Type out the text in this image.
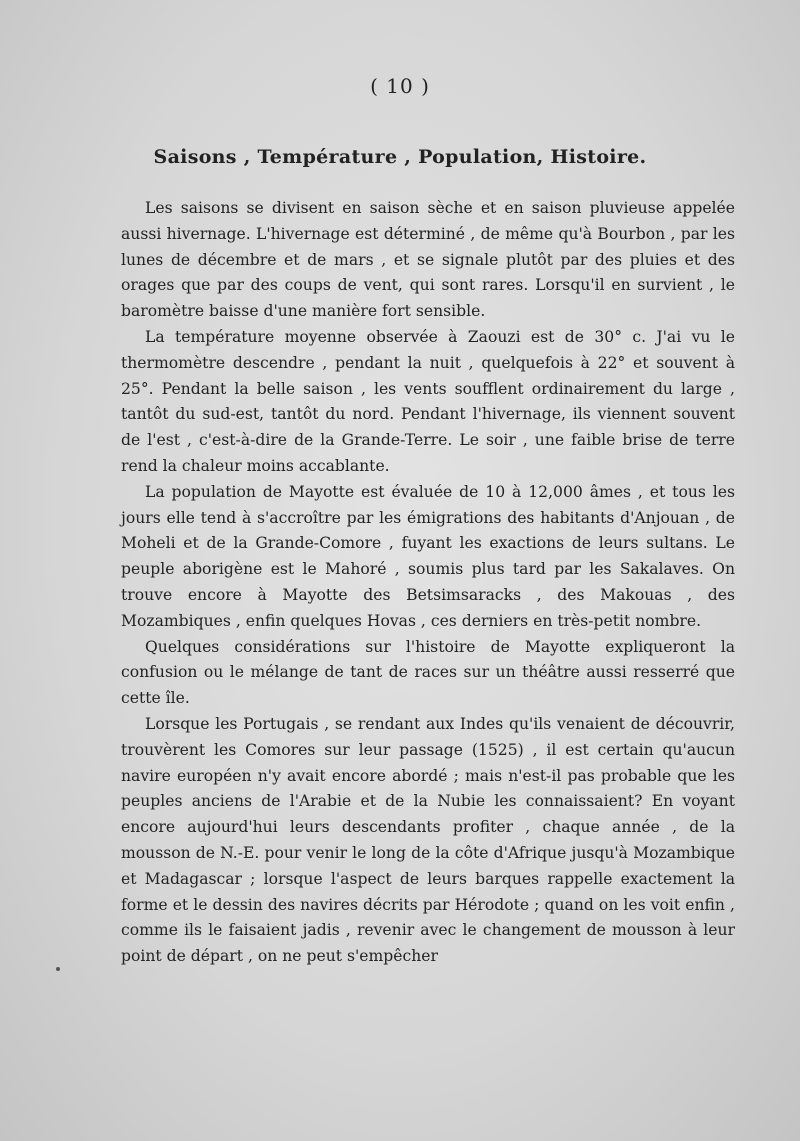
( 10 )
Saisons , Température , Population, Histoire.

Les saisons se divisent en saison sèche et en saison pluvieuse appelée aussi hivernage. L'hivernage est déterminé , de même qu'à Bourbon , par les lunes de décembre et de mars , et se signale plutôt par des pluies et des orages que par des coups de vent, qui sont rares. Lorsqu'il en survient , le baromètre baisse d'une manière fort sensible.

La température moyenne observée à Zaouzi est de 30° c. J'ai vu le thermomètre descendre , pendant la nuit , quelquefois à 22° et souvent à 25°. Pendant la belle saison , les vents soufflent ordinairement du large , tantôt du sud-est, tantôt du nord. Pendant l'hivernage, ils viennent souvent de l'est , c'est-à-dire de la Grande-Terre. Le soir , une faible brise de terre rend la chaleur moins accablante.

La population de Mayotte est évaluée de 10 à 12,000 âmes , et tous les jours elle tend à s'accroître par les émigrations des habitants d'Anjouan , de Moheli et de la Grande-Comore , fuyant les exactions de leurs sultans. Le peuple aborigène est le Mahoré , soumis plus tard par les Sakalaves. On trouve encore à Mayotte des Betsimsaracks , des Makouas , des Mozambiques , enfin quelques Hovas , ces derniers en très-petit nombre.

Quelques considérations sur l'histoire de Mayotte expliqueront la confusion ou le mélange de tant de races sur un théâtre aussi resserré que cette île.

Lorsque les Portugais , se rendant aux Indes qu'ils venaient de découvrir, trouvèrent les Comores sur leur passage (1525) , il est certain qu'aucun navire européen n'y avait encore abordé ; mais n'est-il pas probable que les peuples anciens de l'Arabie et de la Nubie les connaissaient? En voyant encore aujourd'hui leurs descendants profiter , chaque année , de la mousson de N.-E. pour venir le long de la côte d'Afrique jusqu'à Mozambique et Madagascar ; lorsque l'aspect de leurs barques rappelle exactement la forme et le dessin des navires décrits par Hérodote ; quand on les voit enfin , comme ils le faisaient jadis , revenir avec le changement de mousson à leur point de départ , on ne peut s'empêcher
